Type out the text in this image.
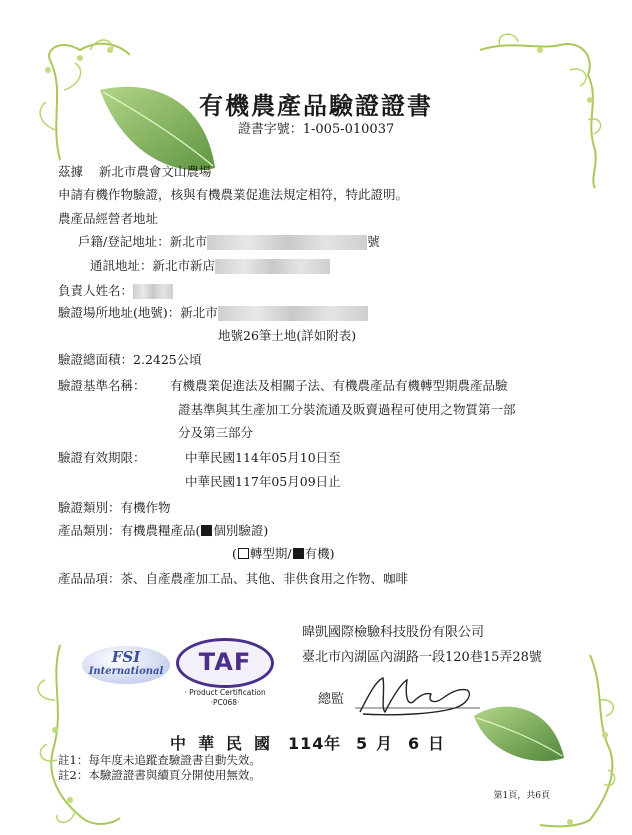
有機農產品驗證證書
證書字號：1-005-010037
茲據 新北市農會文山農場
申請有機作物驗證，核與有機農業促進法規定相符，特此證明。
農產品經營者地址
戶籍/登記地址：新北市	號
通訊地址：新北市新店
負責人姓名：
驗證場所地址(地號)：新北市
地號26筆土地(詳如附表)
驗證總面積：2.2425公頃
驗證基準名稱： 有機農業促進法及相關子法、有機農產品有機轉型期農產品驗
證基準與其生產加工分裝流通及販賣過程可使用之物質第一部
分及第三部分
驗證有效期限：	中華民國114年05月10日至
中華民國117年05月09日止
驗證類別：有機作物
產品類別：有機農糧產品( 個別驗證)
( 轉型期/ 有機)
產品品項：茶、自產農產加工品、其他、非供食用之作物、咖啡
暐凱國際檢驗科技股份有限公司
臺北市內湖區內湖路一段120巷15弄28號
FSI
International	TAF
· Product Certification
·PC068·	總監
中 華 民 國 114年 5 月 6 日
註1：每年度未追蹤查驗證書自動失效。
註2：本驗證證書與續頁分開使用無效。
第1頁，共6頁
